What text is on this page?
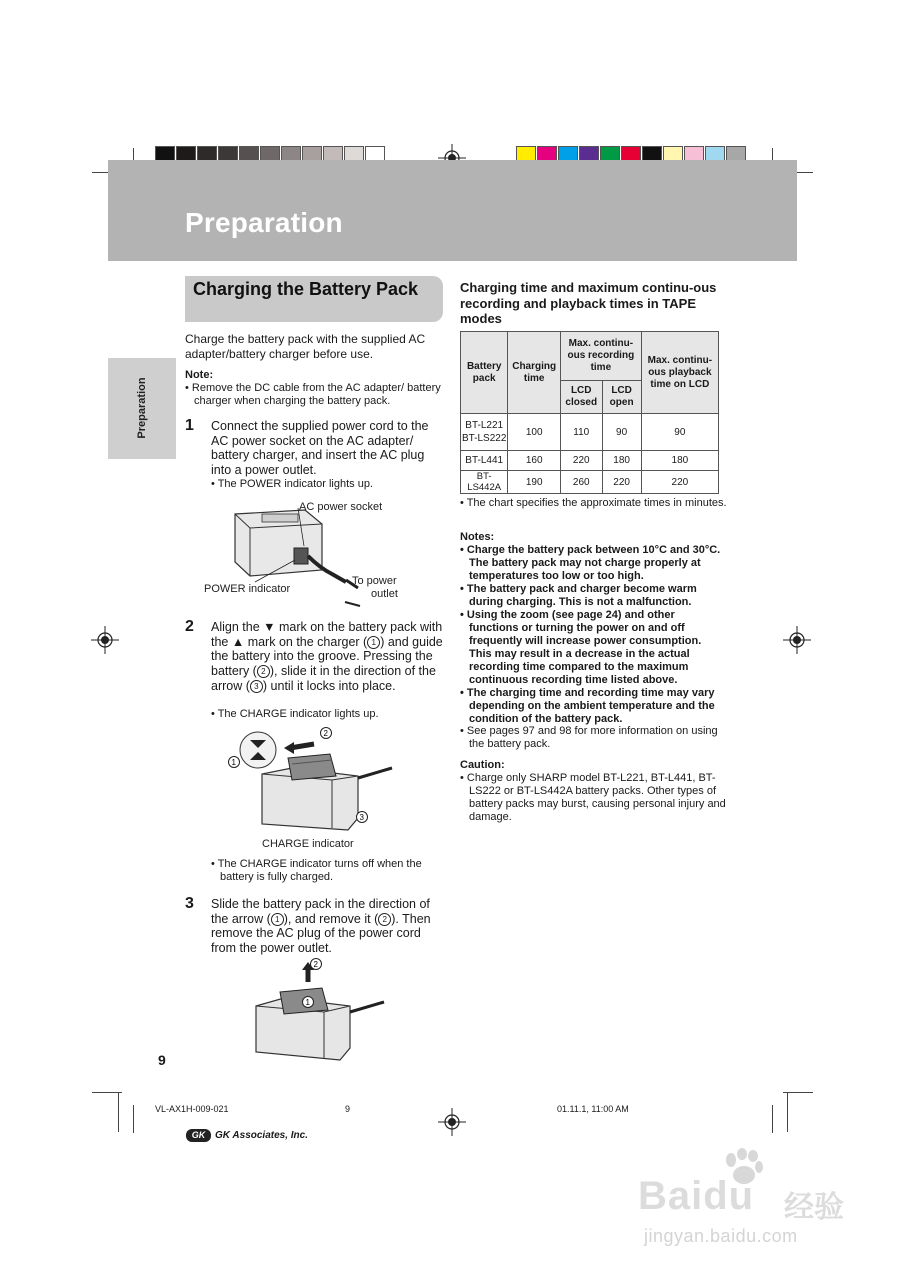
Preparation
Preparation
Charging the Battery Pack
Charge the battery pack with the supplied AC adapter/battery charger before use.
Note:
• Remove the DC cable from the AC adapter/ battery charger when charging the battery pack.
1 Connect the supplied power cord to the AC power socket on the AC adapter/ battery charger, and insert the AC plug into a power outlet.
• The POWER indicator lights up.
AC power socket
POWER indicator
To power
outlet
2 Align the ▼ mark on the battery pack with the ▲ mark on the charger ( 1 ) and guide the battery into the groove. Pressing the battery ( 2 ), slide it in the direction of the arrow ( 3 ) until it locks into place.
• The CHARGE indicator lights up.
2
1
3
CHARGE indicator
• The CHARGE indicator turns off when the battery is fully charged.
3 Slide the battery pack in the direction of the arrow ( 1 ), and remove it ( 2 ). Then remove the AC plug of the power cord from the power outlet.
2
1
9
Charging time and maximum continu-ous recording and playback times in TAPE modes
Battery pack	Charging time	Max. continu-ous recording time		Max. continu-ous playback time on LCD
		LCD closed	LCD open	
BT-L221
BT-LS222	100	110	90	90
BT-L441	160	220	180	180
BT-LS442A	190	260	220	220
• The chart specifies the approximate times in minutes.
Notes:
• Charge the battery pack between 10°C and 30°C. The battery pack may not charge properly at temperatures too low or too high.
• The battery pack and charger become warm during charging. This is not a malfunction.
• Using the zoom (see page 24) and other functions or turning the power on and off frequently will increase power consumption. This may result in a decrease in the actual recording time compared to the maximum continuous recording time listed above.
• The charging time and recording time may vary depending on the ambient temperature and the condition of the battery pack.
• See pages 97 and 98 for more information on using the battery pack.
Caution:
• Charge only SHARP model BT-L221, BT-L441, BT-LS222 or BT-LS442A battery packs. Other types of battery packs may burst, causing personal injury and damage.
VL-AX1H-009-021	9	01.11.1, 11:00 AM
GK GK Associates, Inc.
Baidu 经验
jingyan.baidu.com
